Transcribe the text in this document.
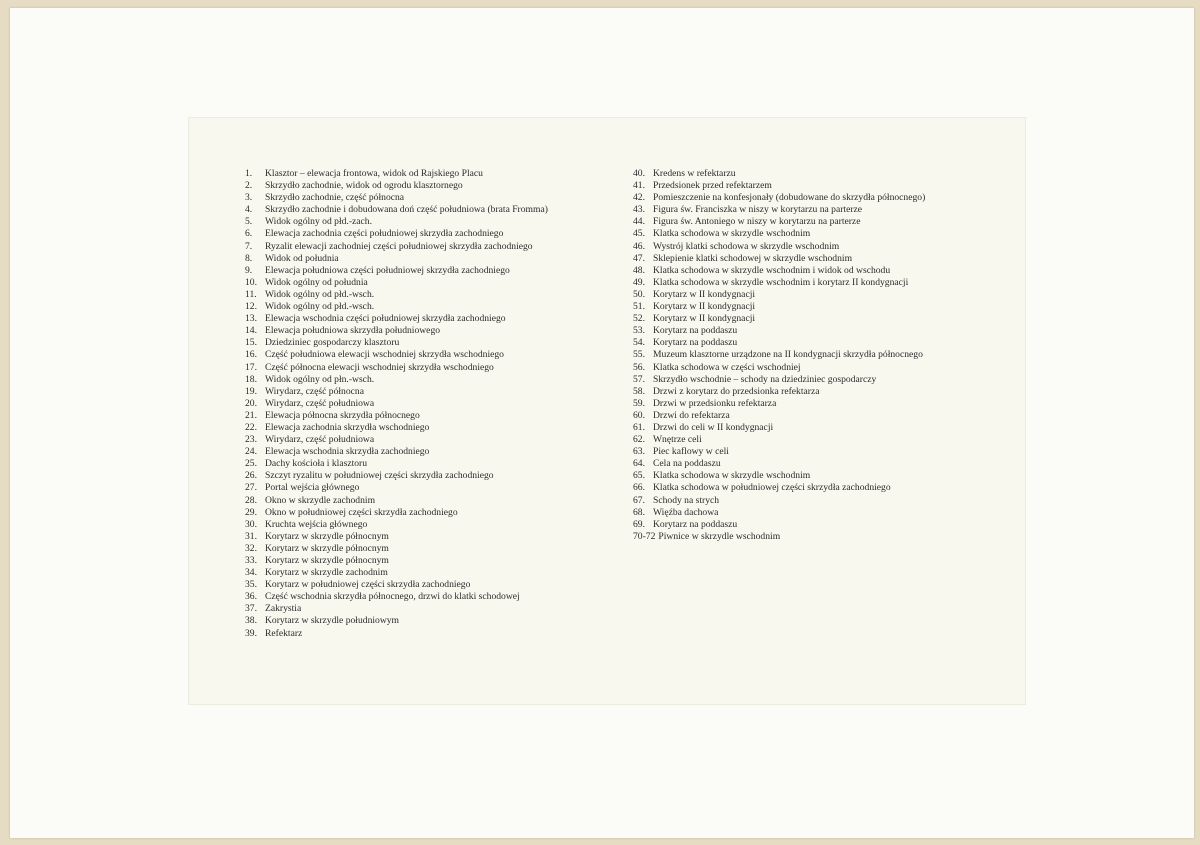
1. Klasztor – elewacja frontowa, widok od Rajskiego Placu
2. Skrzydło zachodnie, widok od ogrodu klasztornego
3. Skrzydło zachodnie, część północna
4. Skrzydło zachodnie i dobudowana doń część południowa (brata Fromma)
5. Widok ogólny od płd.-zach.
6. Elewacja zachodnia części południowej skrzydła zachodniego
7. Ryzalit elewacji zachodniej części południowej skrzydła zachodniego
8. Widok od południa
9. Elewacja południowa części południowej skrzydła zachodniego
10. Widok ogólny od południa
11. Widok ogólny od płd.-wsch.
12. Widok ogólny od płd.-wsch.
13. Elewacja wschodnia części południowej skrzydła zachodniego
14. Elewacja południowa skrzydła południowego
15. Dziedziniec gospodarczy klasztoru
16. Część południowa elewacji wschodniej skrzydła wschodniego
17. Część północna elewacji wschodniej skrzydła wschodniego
18. Widok ogólny od płn.-wsch.
19. Wirydarz, część północna
20. Wirydarz, część południowa
21. Elewacja północna skrzydła północnego
22. Elewacja zachodnia skrzydła wschodniego
23. Wirydarz, część południowa
24. Elewacja wschodnia skrzydła zachodniego
25. Dachy kościoła i klasztoru
26. Szczyt ryzalitu w południowej części skrzydła zachodniego
27. Portal wejścia głównego
28. Okno w skrzydle zachodnim
29. Okno w południowej części skrzydła zachodniego
30. Kruchta wejścia głównego
31. Korytarz w skrzydle północnym
32. Korytarz w skrzydle północnym
33. Korytarz w skrzydle północnym
34. Korytarz w skrzydle zachodnim
35. Korytarz w południowej części skrzydła zachodniego
36. Część wschodnia skrzydła północnego, drzwi do klatki schodowej
37. Zakrystia
38. Korytarz w skrzydle południowym
39. Refektarz
40. Kredens w refektarzu
41. Przedsionek przed refektarzem
42. Pomieszczenie na konfesjonały (dobudowane do skrzydła północnego)
43. Figura św. Franciszka w niszy w korytarzu na parterze
44. Figura św. Antoniego w niszy w korytarzu na parterze
45. Klatka schodowa w skrzydle wschodnim
46. Wystrój klatki schodowa w skrzydle wschodnim
47. Sklepienie klatki schodowej w skrzydle wschodnim
48. Klatka schodowa w skrzydle wschodnim i widok od wschodu
49. Klatka schodowa w skrzydle wschodnim i korytarz II kondygnacji
50. Korytarz w II kondygnacji
51. Korytarz w II kondygnacji
52. Korytarz w II kondygnacji
53. Korytarz na poddaszu
54. Korytarz na poddaszu
55. Muzeum klasztorne urządzone na II kondygnacji skrzydła północnego
56. Klatka schodowa w części wschodniej
57. Skrzydło wschodnie – schody na dziedziniec gospodarczy
58. Drzwi z korytarz do przedsionka refektarza
59. Drzwi w przedsionku refektarza
60. Drzwi do refektarza
61. Drzwi do celi w II kondygnacji
62. Wnętrze celi
63. Piec kaflowy w celi
64. Cela na poddaszu
65. Klatka schodowa w skrzydle wschodnim
66. Klatka schodowa w południowej części skrzydła zachodniego
67. Schody na strych
68. Więźba dachowa
69. Korytarz na poddaszu
70-72 Piwnice w skrzydle wschodnim
